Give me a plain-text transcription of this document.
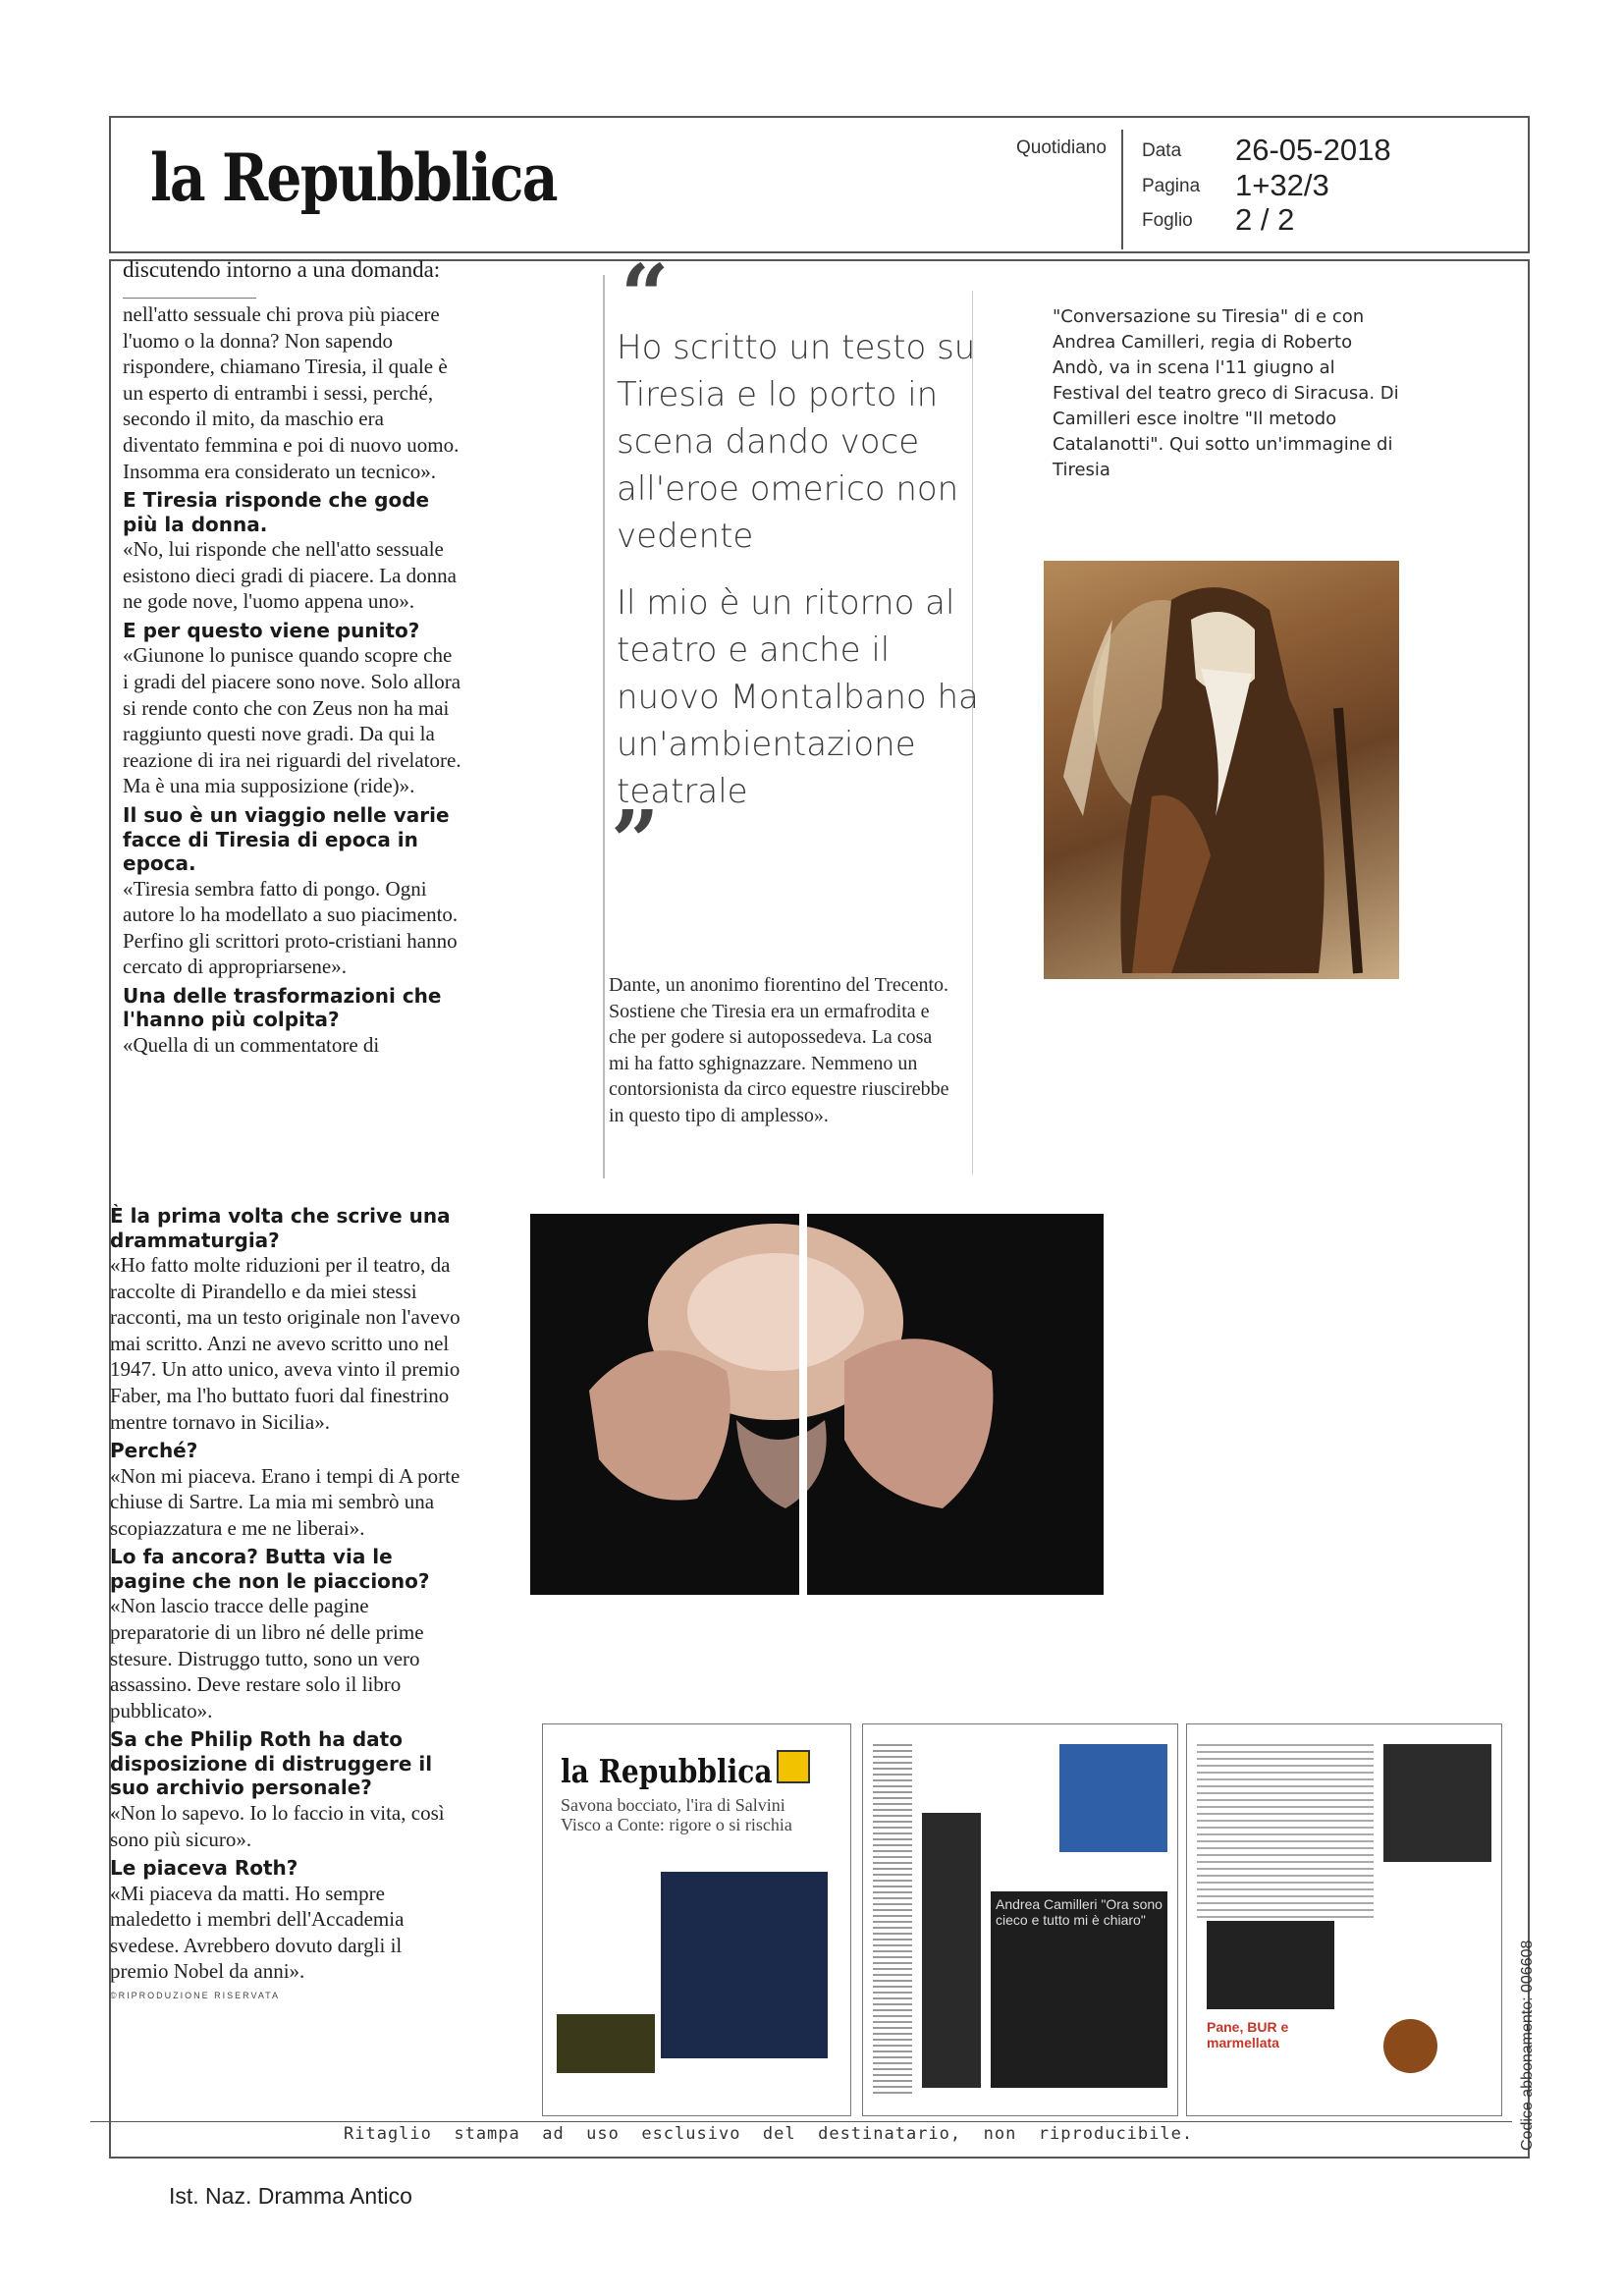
la Repubblica	Quotidiano Data 26-05-2018
Pagina 1+32/3
Foglio 2 / 2
discutendo intorno a una domanda:

nell'atto sessuale chi prova più piacere l'uomo o la donna? Non sapendo rispondere, chiamano Tiresia, il quale è un esperto di entrambi i sessi, perché, secondo il mito, da maschio era diventato femmina e poi di nuovo uomo. Insomma era considerato un tecnico».

E Tiresia risponde che gode più la donna.

«No, lui risponde che nell'atto sessuale esistono dieci gradi di piacere. La donna ne gode nove, l'uomo appena uno».

E per questo viene punito?

«Giunone lo punisce quando scopre che i gradi del piacere sono nove. Solo allora si rende conto che con Zeus non ha mai raggiunto questi nove gradi. Da qui la reazione di ira nei riguardi del rivelatore. Ma è una mia supposizione (ride)».

Il suo è un viaggio nelle varie facce di Tiresia di epoca in epoca.

«Tiresia sembra fatto di pongo. Ogni autore lo ha modellato a suo piacimento. Perfino gli scrittori proto-cristiani hanno cercato di appropriarsene».

Una delle trasformazioni che l'hanno più colpita?

«Quella di un commentatore di

È la prima volta che scrive una drammaturgia?

«Ho fatto molte riduzioni per il teatro, da raccolte di Pirandello e da miei stessi racconti, ma un testo originale non l'avevo mai scritto. Anzi ne avevo scritto uno nel 1947. Un atto unico, aveva vinto il premio Faber, ma l'ho buttato fuori dal finestrino mentre tornavo in Sicilia».

Perché?

«Non mi piaceva. Erano i tempi di A porte chiuse di Sartre. La mia mi sembrò una scopiazzatura e me ne liberai».

Lo fa ancora? Butta via le pagine che non le piacciono?

«Non lascio tracce delle pagine preparatorie di un libro né delle prime stesure. Distruggo tutto, sono un vero assassino. Deve restare solo il libro pubblicato».

Sa che Philip Roth ha dato disposizione di distruggere il suo archivio personale?

«Non lo sapevo. Io lo faccio in vita, così sono più sicuro».

Le piaceva Roth?

«Mi piaceva da matti. Ho sempre maledetto i membri dell'Accademia svedese. Avrebbero dovuto dargli il premio Nobel da anni».

©RIPRODUZIONE RISERVATA
“
Ho scritto un testo su Tiresia e lo porto in scena dando voce all'eroe omerico non vedente
Il mio è un ritorno al teatro e anche il nuovo Montalbano ha un'ambientazione teatrale
”

Dante, un anonimo fiorentino del Trecento. Sostiene che Tiresia era un ermafrodita e che per godere si autopossedeva. La cosa mi ha fatto sghignazzare. Nemmeno un contorsionista da circo equestre riuscirebbe in questo tipo di amplesso».

"Conversazione su Tiresia" di e con Andrea Camilleri, regia di Roberto Andò, va in scena l'11 giugno al Festival del teatro greco di Siracusa. Di Camilleri esce inoltre "Il metodo Catalanotti". Qui sotto un'immagine di Tiresia
la Repubblica
Savona bocciato, l'ira di Salvini Visco a Conte: rigore o si rischia
Andrea Camilleri "Ora sono cieco e tutto mi è chiaro"
Pane, BUR e marmellata
Ritaglio  stampa  ad  uso  esclusivo  del  destinatario,  non  riproducibile.	Codice abbonamento: 006608
Ist. Naz. Dramma Antico
